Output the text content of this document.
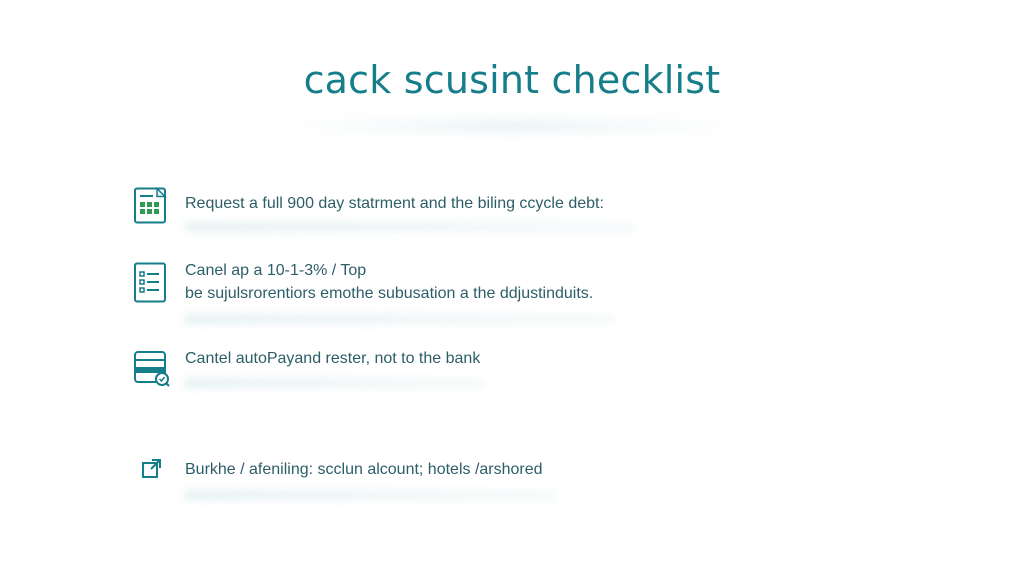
cack scusint checklist
Request a full 900 day statrment and the biling ccycle debt:
Canel ap a 10-1-3% / Top
be sujulsrorentiors emothe subusation a the ddjustinduits.
Cantel autoPayand rester, not to the bank
Burkhe / afeniling: scclun alcount; hotels /arshored
